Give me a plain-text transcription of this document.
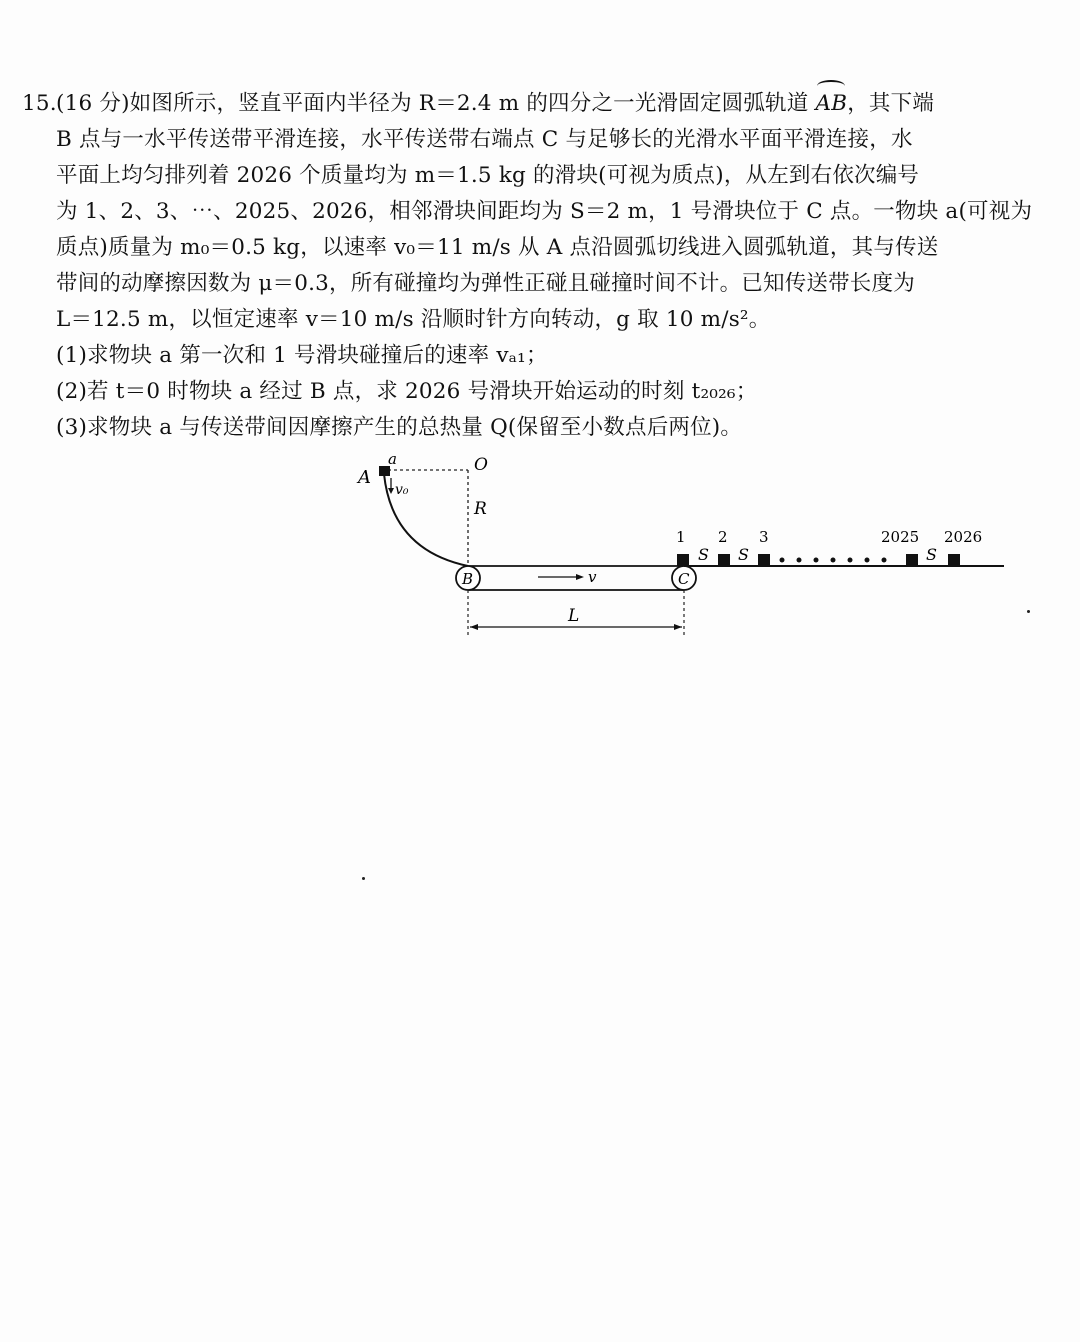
15.(16 分)如图所示，竖直平面内半径为 R＝2.4 m 的四分之一光滑固定圆弧轨道 AB，其下端
B 点与一水平传送带平滑连接，水平传送带右端点 C 与足够长的光滑水平面平滑连接，水
平面上均匀排列着 2026 个质量均为 m＝1.5 kg 的滑块(可视为质点)，从左到右依次编号
为 1、2、3、⋯、2025、2026，相邻滑块间距均为 S＝2 m，1 号滑块位于 C 点。一物块 a(可视为
质点)质量为 m₀＝0.5 kg，以速率 v₀＝11 m/s 从 A 点沿圆弧切线进入圆弧轨道，其与传送
带间的动摩擦因数为 μ＝0.3，所有碰撞均为弹性正碰且碰撞时间不计。已知传送带长度为
L＝12.5 m，以恒定速率 v＝10 m/s 沿顺时针方向转动，g 取 10 m/s²。
(1)求物块 a 第一次和 1 号滑块碰撞后的速率 vₐ₁；
(2)若 t＝0 时物块 a 经过 B 点，求 2026 号滑块开始运动的时刻 t₂₀₂₆；
(3)求物块 a 与传送带间因摩擦产生的总热量 Q(保留至小数点后两位)。
A
a
v₀
O
R
B	C
v
L
S S	S
1 2 3	2025 2026
